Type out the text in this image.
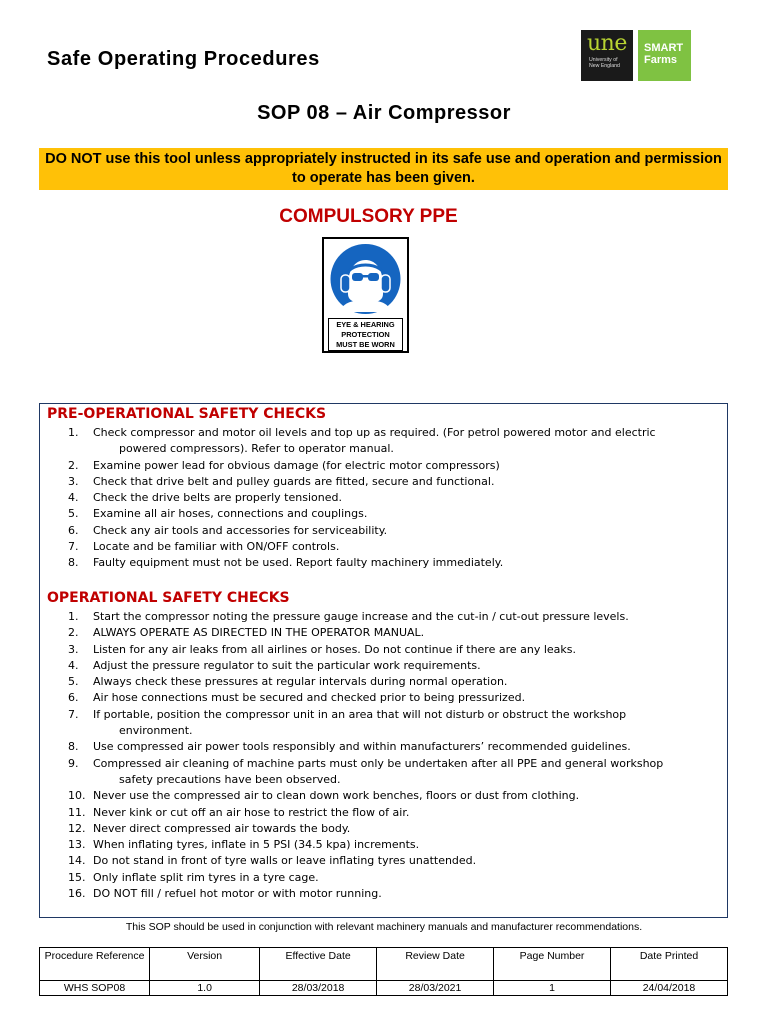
Safe Operating Procedures
une
University of
New England
SMART
Farms
SOP 08 – Air Compressor
DO NOT use this tool unless appropriately instructed in its safe use and operation and permission to operate has been given.
COMPULSORY PPE
EYE & HEARING
PROTECTION
MUST BE WORN
PRE-OPERATIONAL SAFETY CHECKS
1. Check compressor and motor oil levels and top up as required. (For petrol powered motor and electric
powered compressors). Refer to operator manual.
2. Examine power lead for obvious damage (for electric motor compressors)
3. Check that drive belt and pulley guards are fitted, secure and functional.
4. Check the drive belts are properly tensioned.
5. Examine all air hoses, connections and couplings.
6. Check any air tools and accessories for serviceability.
7. Locate and be familiar with ON/OFF controls.
8. Faulty equipment must not be used. Report faulty machinery immediately.
OPERATIONAL SAFETY CHECKS
1. Start the compressor noting the pressure gauge increase and the cut-in / cut-out pressure levels.
2. ALWAYS OPERATE AS DIRECTED IN THE OPERATOR MANUAL.
3. Listen for any air leaks from all airlines or hoses. Do not continue if there are any leaks.
4. Adjust the pressure regulator to suit the particular work requirements.
5. Always check these pressures at regular intervals during normal operation.
6. Air hose connections must be secured and checked prior to being pressurized.
7. If portable, position the compressor unit in an area that will not disturb or obstruct the workshop
environment.
8. Use compressed air power tools responsibly and within manufacturers’ recommended guidelines.
9. Compressed air cleaning of machine parts must only be undertaken after all PPE and general workshop
safety precautions have been observed.
10. Never use the compressed air to clean down work benches, floors or dust from clothing.
11. Never kink or cut off an air hose to restrict the flow of air.
12. Never direct compressed air towards the body.
13. When inflating tyres, inflate in 5 PSI (34.5 kpa) increments.
14. Do not stand in front of tyre walls or leave inflating tyres unattended.
15. Only inflate split rim tyres in a tyre cage.
16. DO NOT fill / refuel hot motor or with motor running.
This SOP should be used in conjunction with relevant machinery manuals and manufacturer recommendations.
Procedure Reference	Version	Effective Date	Review Date	Page Number	Date Printed
WHS SOP08	1.0	28/03/2018	28/03/2021	1	24/04/2018
